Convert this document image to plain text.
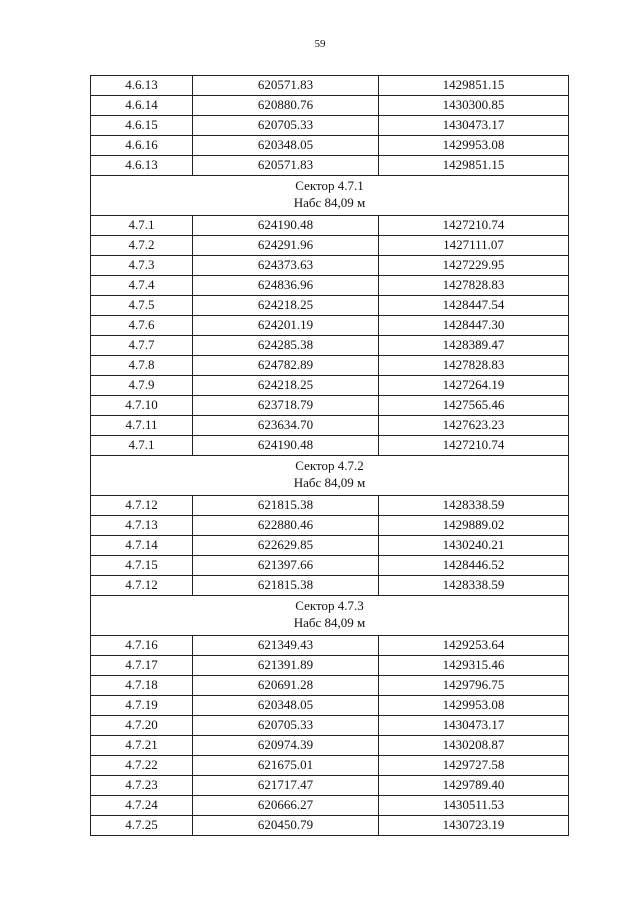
59
4.6.13	620571.83	1429851.15
4.6.14	620880.76	1430300.85
4.6.15	620705.33	1430473.17
4.6.16	620348.05	1429953.08
4.6.13	620571.83	1429851.15

Сектор 4.7.1
Набс 84,09 м		

4.7.1	624190.48	1427210.74
4.7.2	624291.96	1427111.07
4.7.3	624373.63	1427229.95
4.7.4	624836.96	1427828.83
4.7.5	624218.25	1428447.54
4.7.6	624201.19	1428447.30
4.7.7	624285.38	1428389.47
4.7.8	624782.89	1427828.83
4.7.9	624218.25	1427264.19
4.7.10	623718.79	1427565.46
4.7.11	623634.70	1427623.23
4.7.1	624190.48	1427210.74

Сектор 4.7.2
Набс 84,09 м		

4.7.12	621815.38	1428338.59
4.7.13	622880.46	1429889.02
4.7.14	622629.85	1430240.21
4.7.15	621397.66	1428446.52
4.7.12	621815.38	1428338.59

Сектор 4.7.3
Набс 84,09 м		

4.7.16	621349.43	1429253.64
4.7.17	621391.89	1429315.46
4.7.18	620691.28	1429796.75
4.7.19	620348.05	1429953.08
4.7.20	620705.33	1430473.17
4.7.21	620974.39	1430208.87
4.7.22	621675.01	1429727.58
4.7.23	621717.47	1429789.40
4.7.24	620666.27	1430511.53
4.7.25	620450.79	1430723.19
